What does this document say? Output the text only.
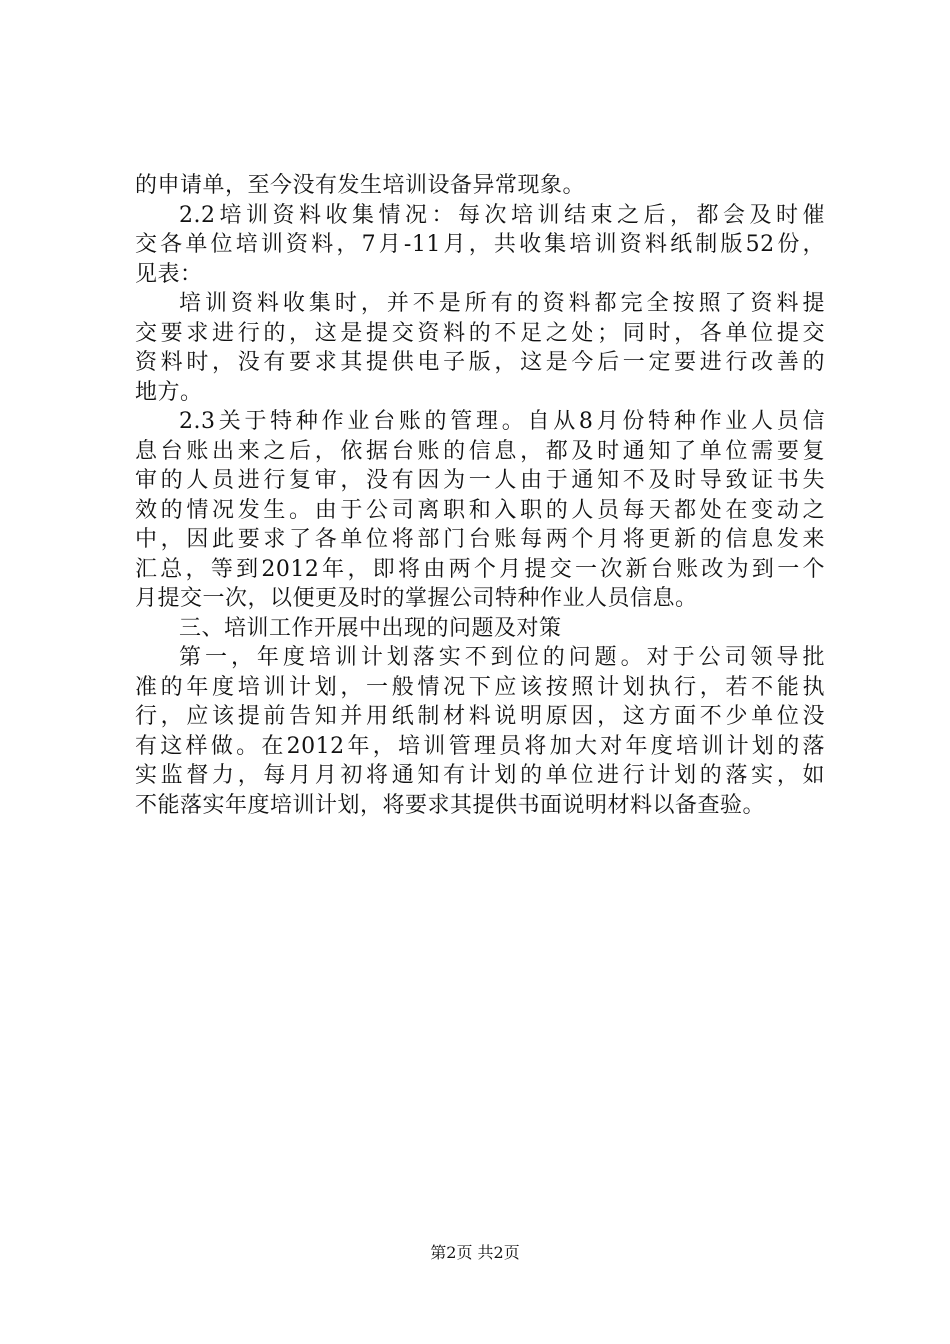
的申请单，至今没有发生培训设备异常现象。
2.2培训资料收集情况：每次培训结束之后，都会及时催
交各单位培训资料，7月-11月，共收集培训资料纸制版52份，
见表：
培训资料收集时，并不是所有的资料都完全按照了资料提
交要求进行的，这是提交资料的不足之处；同时，各单位提交
资料时，没有要求其提供电子版，这是今后一定要进行改善的
地方。
2.3关于特种作业台账的管理。自从8月份特种作业人员信
息台账出来之后，依据台账的信息，都及时通知了单位需要复
审的人员进行复审，没有因为一人由于通知不及时导致证书失
效的情况发生。由于公司离职和入职的人员每天都处在变动之
中，因此要求了各单位将部门台账每两个月将更新的信息发来
汇总，等到2012年，即将由两个月提交一次新台账改为到一个
月提交一次，以便更及时的掌握公司特种作业人员信息。
三、培训工作开展中出现的问题及对策
第一，年度培训计划落实不到位的问题。对于公司领导批
准的年度培训计划，一般情况下应该按照计划执行，若不能执
行，应该提前告知并用纸制材料说明原因，这方面不少单位没
有这样做。在2012年，培训管理员将加大对年度培训计划的落
实监督力，每月月初将通知有计划的单位进行计划的落实，如
不能落实年度培训计划，将要求其提供书面说明材料以备查验。
第2页 共2页
